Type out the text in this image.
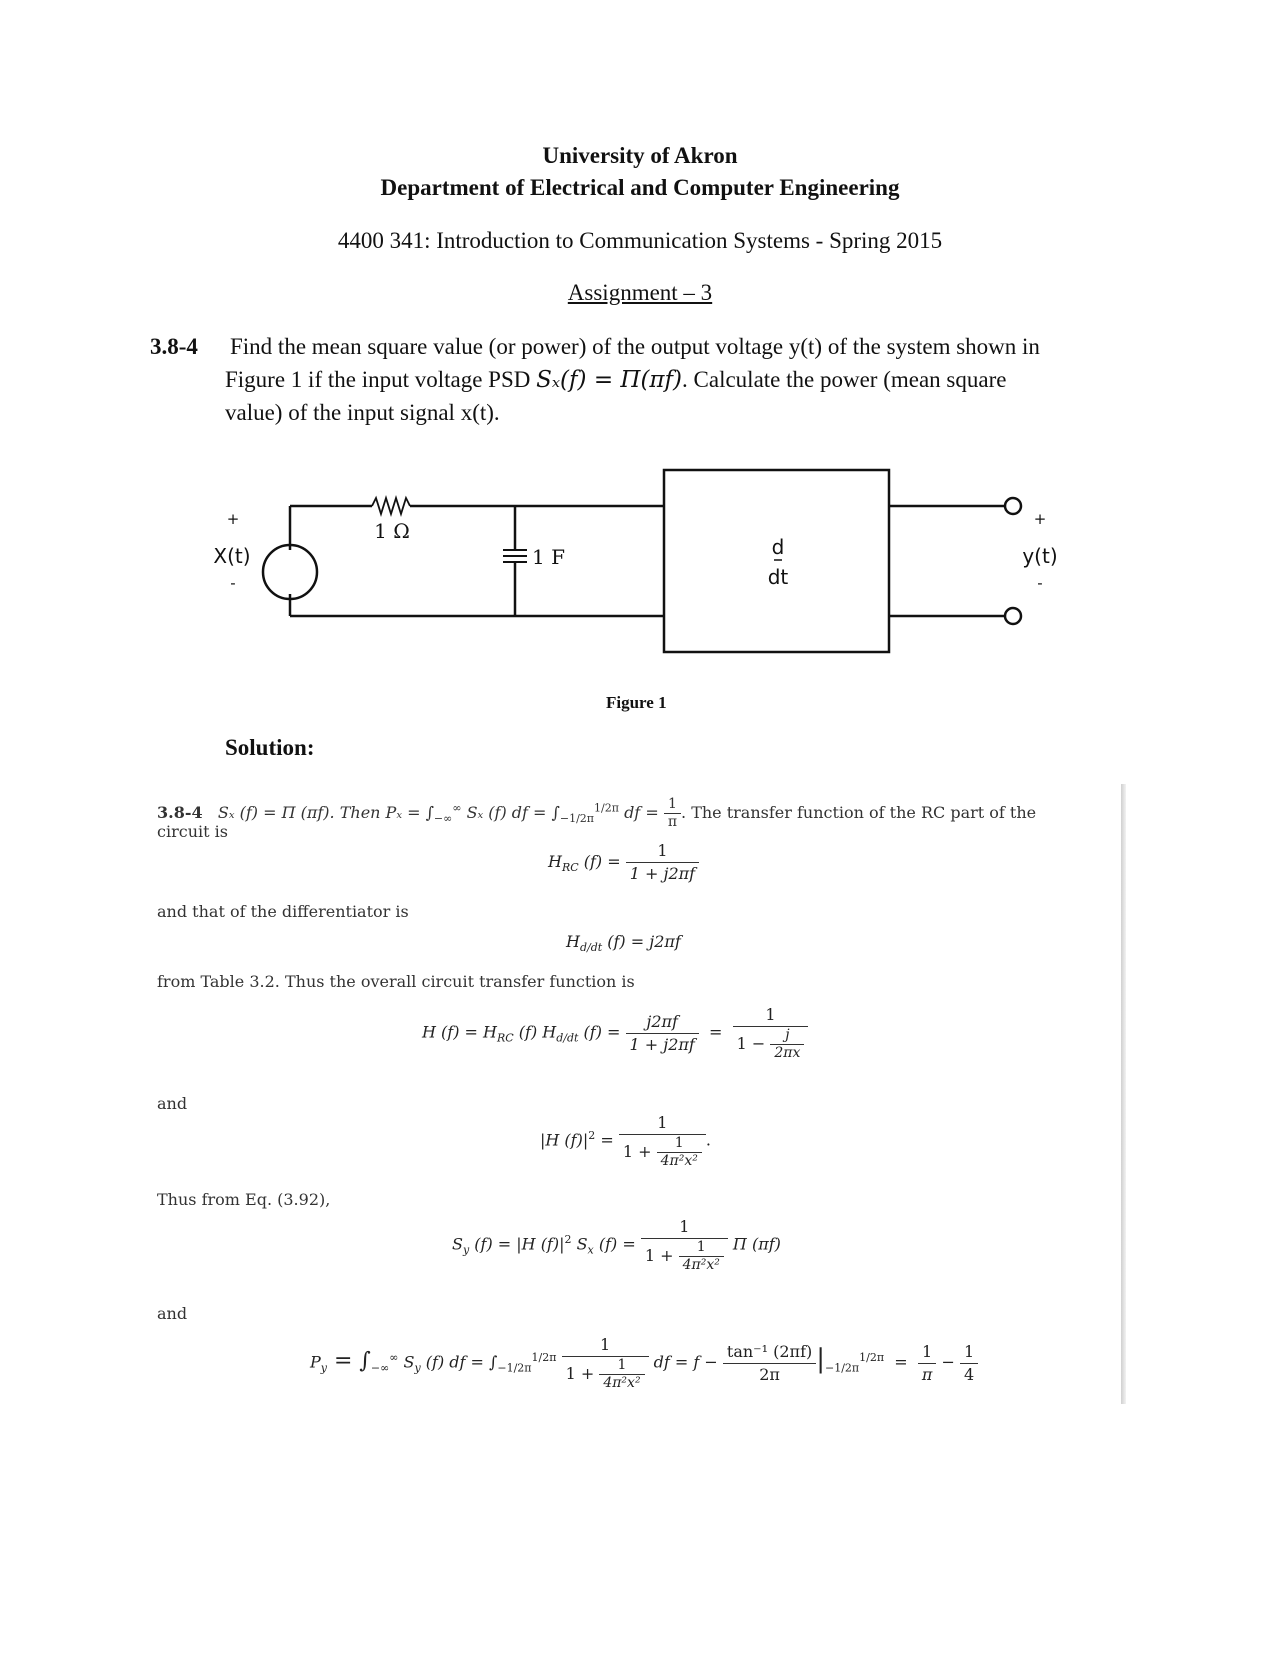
University of Akron
Department of Electrical and Computer Engineering
4400 341: Introduction to Communication Systems - Spring 2015
Assignment – 3
3.8-4 Find the mean square value (or power) of the output voltage y(t) of the system shown in
Figure 1 if the input voltage PSD Sₓ(f) = Π(πf). Calculate the power (mean square
value) of the input signal x(t).
+
X(t)
-
+
y(t)
-
d
dt
1 Ω
1 F
Figure 1
Solution:
3.8-4 Sₓ (f) = Π (πf). Then $P_x = \int_{-\infty}^\infty$ Sₓ (f) df = $\int_{-1/2\pi}^{1/2\pi}$ df = $\frac{1}{\pi}$ . The transfer function of the RC part of the
circuit is
$H_{RC}$ $(f) = \frac{1}{1 + j2\pi f}$
and that of the differentiator is
$H_{d/dt}$ (f) = j2πf
from Table 3.2. Thus the overall circuit transfer function is
H $(f) = H_{RC}$ (f) $H_{d/dt}$ $(f) = \frac{j2\pi f}{1 + j2\pi f} = \frac{1}{1 - \frac{j}{2\pi x}}$
and
|H $(f)|^2 = \frac{1}{1 + \frac{1}{\text{4π²x²}}}$ .
Thus from Eq. (3.92),
$S_y$ (f) = |H $(f)|^2$ $S_x$ $(f) = \frac{1}{1 + \frac{1}{\text{4π²x²}}}$ Π (πf)
and
$P_y = \int_{-\infty}^\infty$ $S_y$ (f) df = $\int_{-1/2\pi}^{1/2\pi} \frac{1}{1 + \frac{1}{\text{4π²x²}}}$ df = $f - \frac{\text{tan⁻¹ (2πf)}}{2\pi} |_{-1/2\pi}^{1/2\pi} = \frac{1}{\pi} - \frac{1}{4}$
